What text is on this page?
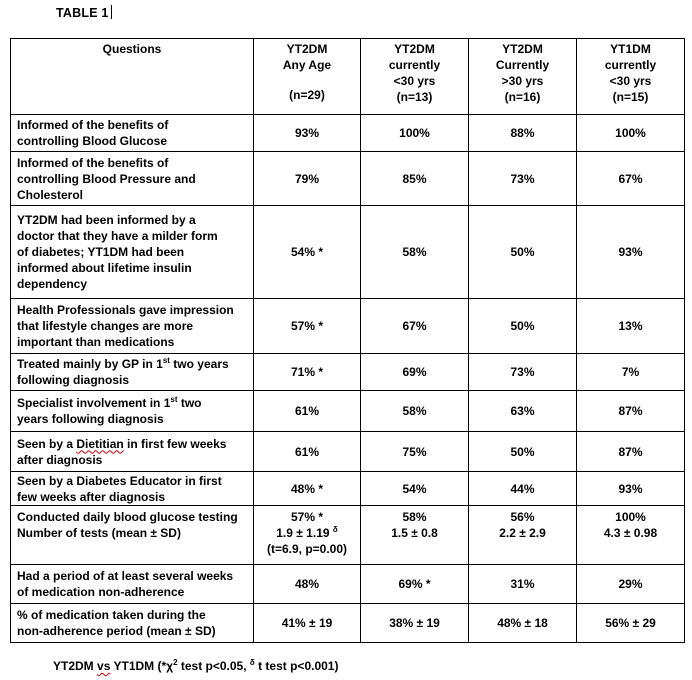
TABLE 1
Questions	YT2DM
Any Age
(n=29)	YT2DM
currently
<30 yrs
(n=13)	YT2DM
Currently
>30 yrs
(n=16)	YT1DM
currently
<30 yrs
(n=15)

Informed of the benefits of
controlling Blood Glucose	93%	100%	88%	100%

Informed of the benefits of
controlling Blood Pressure and
Cholesterol	79%	85%	73%	67%

YT2DM had been informed by a
doctor that they have a milder form
of diabetes; YT1DM had been
informed about lifetime insulin
dependency	54% *	58%	50%	93%

Health Professionals gave impression
that lifestyle changes are more
important than medications	57% *	67%	50%	13%

Treated mainly by GP in 1st two years
following diagnosis	71% *	69%	73%	7%

Specialist involvement in 1st two
years following diagnosis	61%	58%	63%	87%

Seen by a Dietitian in first few weeks
after diagnosis	61%	75%	50%	87%

Seen by a Diabetes Educator in first
few weeks after diagnosis	48% *	54%	44%	93%

Conducted daily blood glucose testing
Number of tests (mean ± SD)	57% *
1.9 ± 1.19 $^\delta$
(t=6.9, p=0.00)	58%
1.5 ± 0.8	56%
2.2 ± 2.9	100%
4.3 ± 0.98

Had a period of at least several weeks
of medication non-adherence	48%	69% *	31%	29%

% of medication taken during the
non-adherence period (mean ± SD)	41% ± 19	38% ± 19	48% ± 18	56% ± 29
YT2DM vs YT1DM ($*\chi^2$ test p<0.05, $^\delta$ t test p<0.001)
